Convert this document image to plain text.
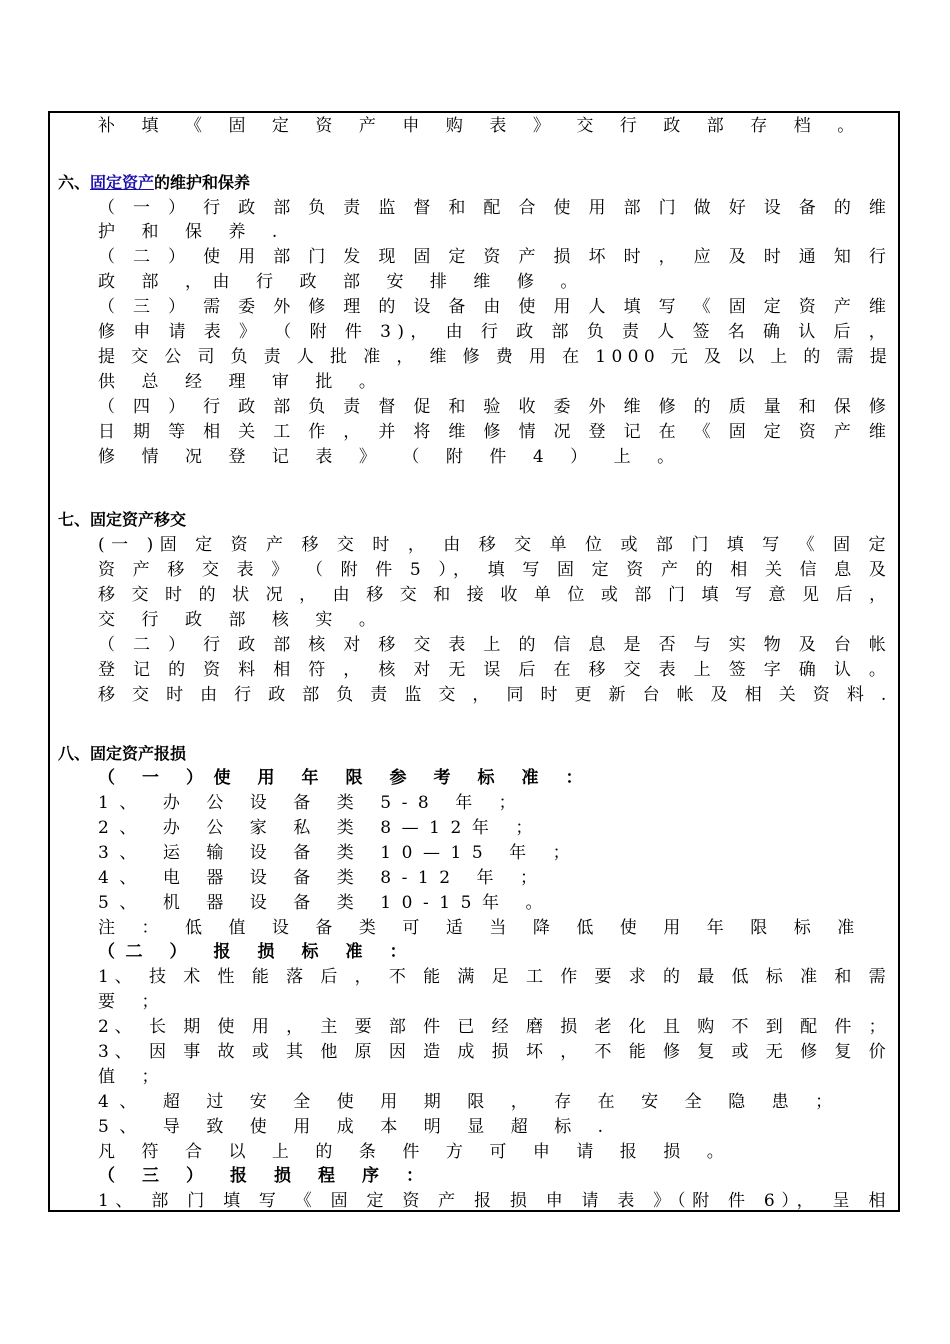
补 填 《 固 定 资 产 申 购 表 》 交 行 政 部 存 档 。
六、固定资产的维护和保养
（ 一 ） 行 政 部 负 责 监 督 和 配 合 使 用 部 门 做 好 设 备 的 维
护 和 保 养 .
（ 二 ） 使 用 部 门 发 现 固 定 资 产 损 坏 时 ， 应 及 时 通 知 行
政 部 ，由 行 政 部 安 排 维 修 。
（ 三 ） 需 委 外 修 理 的 设 备 由 使 用 人 填 写 《 固 定 资 产 维
修 申 请 表 》 （ 附 件 3)， 由 行 政 部 负 责 人 签 名 确 认 后 ，
提 交 公 司 负 责 人 批 准 ， 维 修 费 用 在 1000 元 及 以 上 的 需 提
供 总 经 理 审 批 。
（ 四 ） 行 政 部 负 责 督 促 和 验 收 委 外 维 修 的 质 量 和 保 修
日 期 等 相 关 工 作 ， 并 将 维 修 情 况 登 记 在 《 固 定 资 产 维
修 情 况 登 记 表 》 （ 附 件 4 ） 上 。
七、固定资产移交
(一 )固 定 资 产 移 交 时 ， 由 移 交 单 位 或 部 门 填 写 《 固 定
资 产 移 交 表 》 （ 附 件 5 ）， 填 写 固 定 资 产 的 相 关 信 息 及
移 交 时 的 状 况 ， 由 移 交 和 接 收 单 位 或 部 门 填 写 意 见 后 ，
交 行 政 部 核 实 。
（ 二 ） 行 政 部 核 对 移 交 表 上 的 信 息 是 否 与 实 物 及 台 帐
登 记 的 资 料 相 符 ， 核 对 无 误 后 在 移 交 表 上 签 字 确 认 。
移 交 时 由 行 政 部 负 责 监 交 ， 同 时 更 新 台 帐 及 相 关 资 料 .
八、固定资产报损
（ 一 ）使 用 年 限 参 考 标 准 ：
1、 办 公 设 备 类 5-8 年 ；
2、 办 公 家 私 类 8—12年 ；
3、 运 输 设 备 类 10—15 年 ；
4、 电 器 设 备 类 8-12 年 ；
5、 机 器 设 备 类 10-15年 。
注 ： 低 值 设 备 类 可 适 当 降 低 使 用 年 限 标 准
（二 ） 报 损 标 准 ：
1、 技 术 性 能 落 后 ， 不 能 满 足 工 作 要 求 的 最 低 标 准 和 需
要 ；
2、 长 期 使 用 ， 主 要 部 件 已 经 磨 损 老 化 且 购 不 到 配 件 ；
3、 因 事 故 或 其 他 原 因 造 成 损 坏 ， 不 能 修 复 或 无 修 复 价
值 ；
4、 超 过 安 全 使 用 期 限 ， 存 在 安 全 隐 患 ；
5、 导 致 使 用 成 本 明 显 超 标 .
凡 符 合 以 上 的 条 件 方 可 申 请 报 损 。
（ 三 ） 报 损 程 序 ：
1、 部 门 填 写 《 固 定 资 产 报 损 申 请 表 》（附 件 6）， 呈 相
